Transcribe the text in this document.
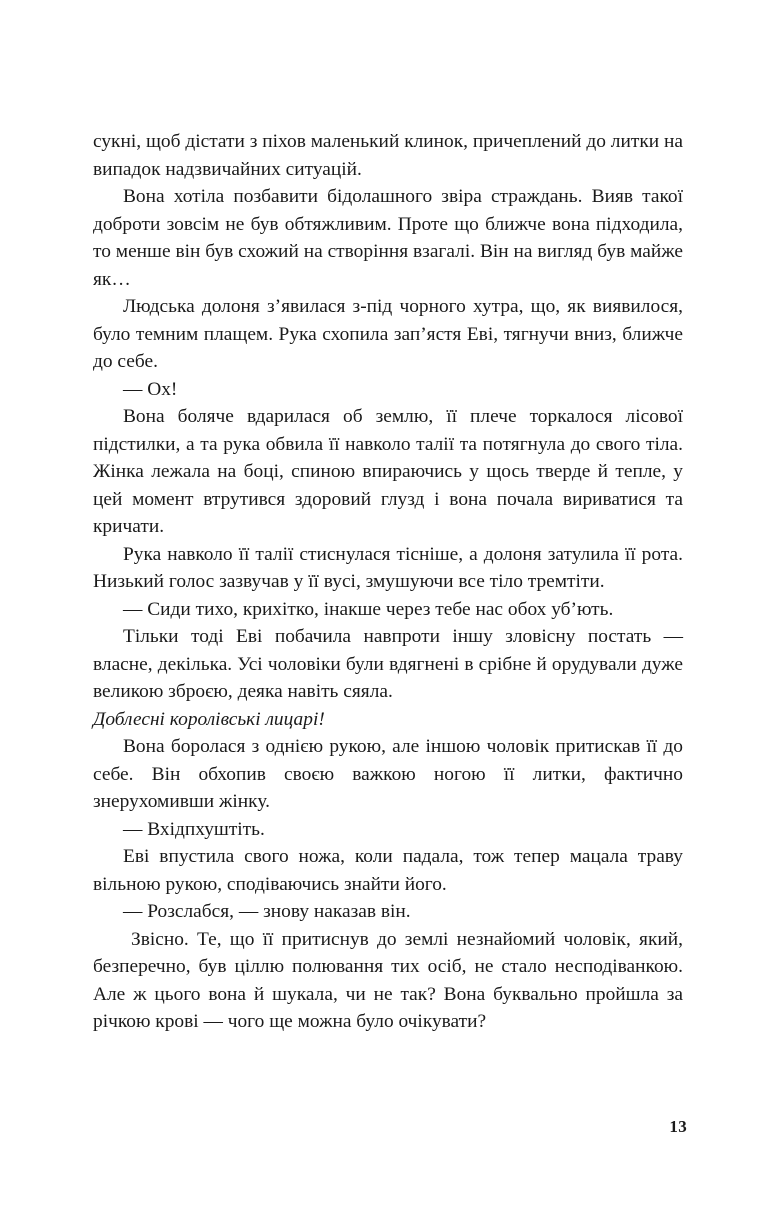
сукні, щоб дістати з піхов маленький клинок, причеплений до литки на випадок надзвичайних ситуацій.

Вона хотіла позбавити бідолашного звіра страждань. Вияв такої доброти зовсім не був обтяжливим. Проте що ближче вона підходила, то менше він був схожий на створіння взагалі. Він на вигляд був майже як…

Людська долоня з’явилася з-під чорного хутра, що, як виявилося, було темним плащем. Рука схопила зап’ястя Еві, тягнучи вниз, ближче до себе.

— Ох!

Вона боляче вдарилася об землю, її плече торкалося лісової підстилки, а та рука обвила її навколо талії та потягнула до свого тіла. Жінка лежала на боці, спиною впираючись у щось тверде й тепле, у цей момент втрутився здоровий глузд і вона почала вириватися та кричати.

Рука навколо її талії стиснулася тісніше, а долоня затулила її рота. Низький голос зазвучав у її вусі, змушуючи все тіло тремтіти.

— Сиди тихо, крихітко, інакше через тебе нас обох уб’ють.

Тільки тоді Еві побачила навпроти іншу зловісну постать — власне, декілька. Усі чоловіки були вдягнені в срібне й орудували дуже великою зброєю, деяка навіть сяяла.

Доблесні королівські лицарі!

Вона боролася з однією рукою, але іншою чоловік притискав її до себе. Він обхопив своєю важкою ногою її литки, фактично знерухомивши жінку.

— Вхідпхуштіть.

Еві впустила свого ножа, коли падала, тож тепер мацала траву вільною рукою, сподіваючись знайти його.

— Розслабся, — знову наказав він.

Звісно. Те, що її притиснув до землі незнайомий чоловік, який, безперечно, був ціллю полювання тих осіб, не стало несподіванкою. Але ж цього вона й шукала, чи не так? Вона буквально пройшла за річкою крові — чого ще можна було очікувати?

13
